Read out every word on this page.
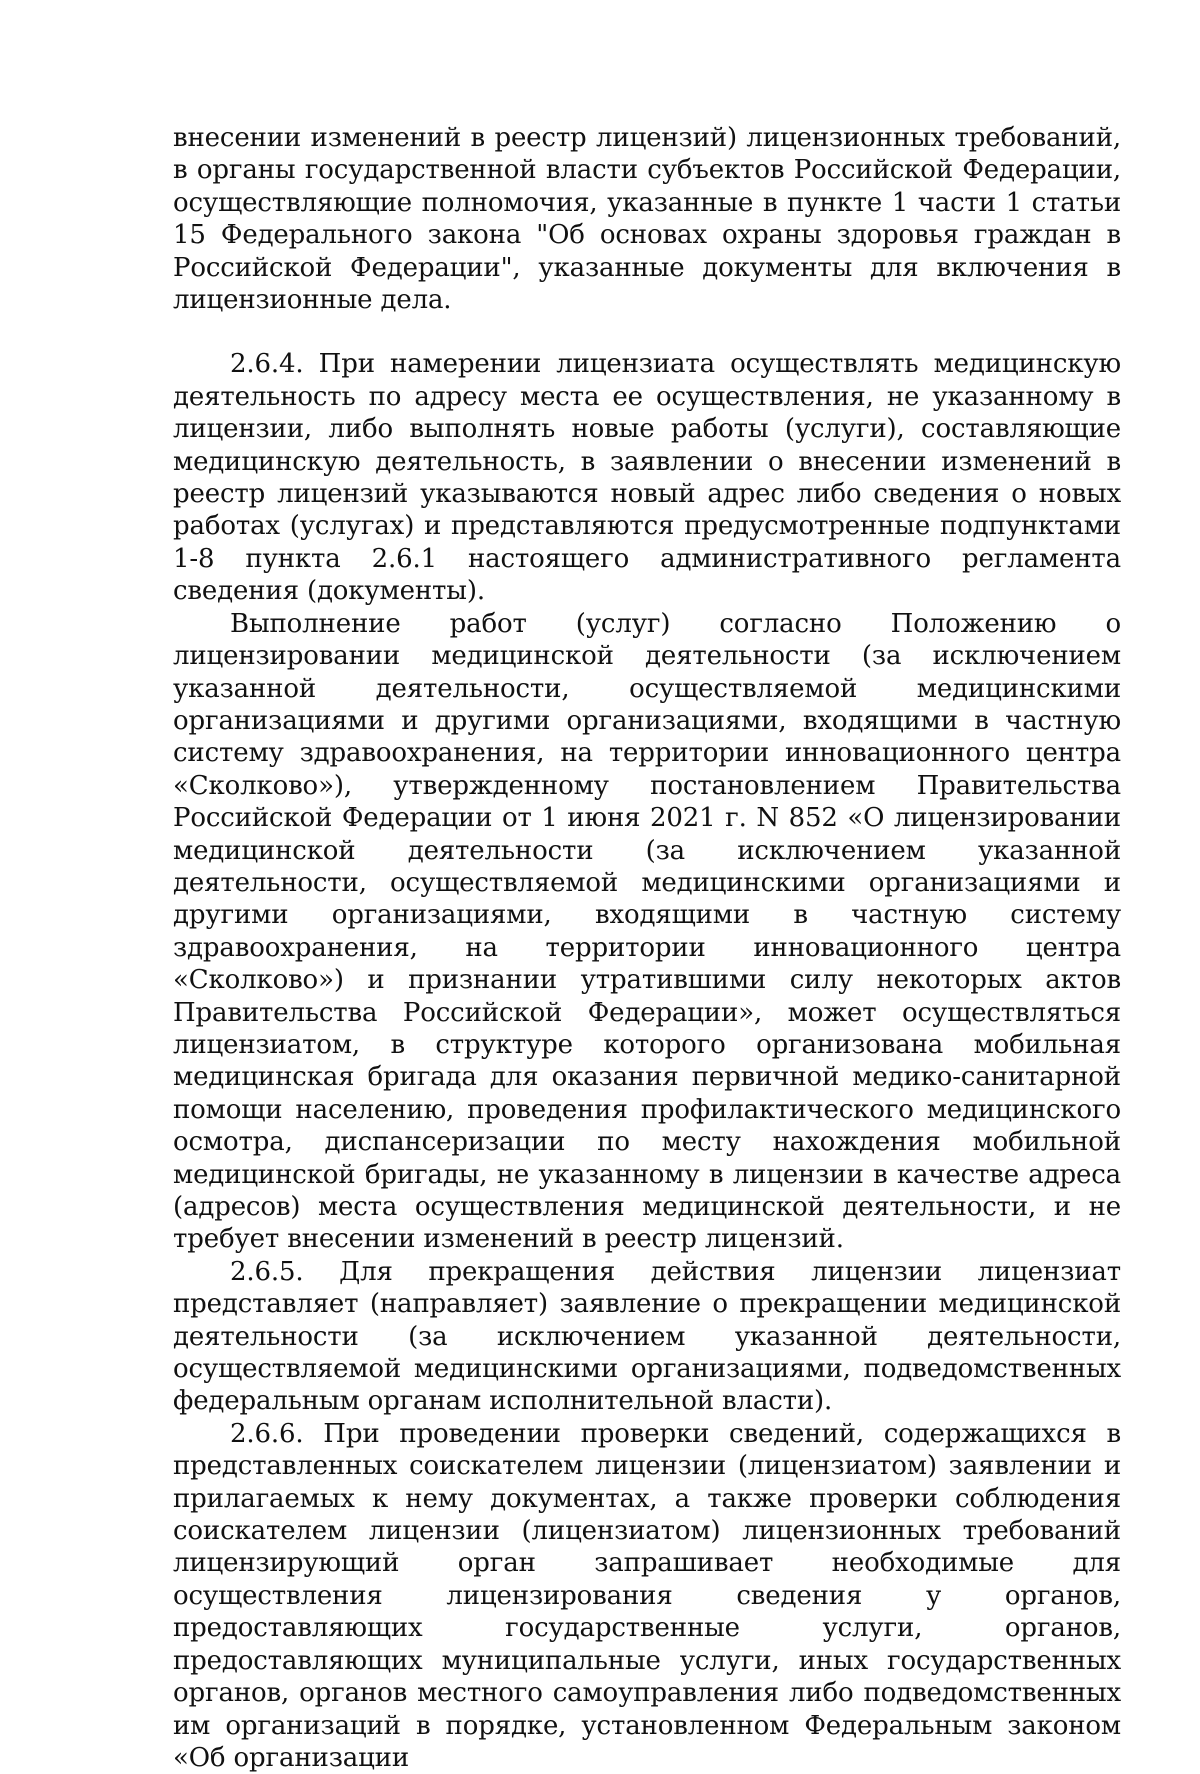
внесении изменений в реестр лицензий) лицензионных требований, в органы государственной власти субъектов Российской Федерации, осуществляющие полномочия, указанные в пункте 1 части 1 статьи 15 Федерального закона "Об основах охраны здоровья граждан в Российской Федерации", указанные документы для включения в лицензионные дела.

2.6.4. При намерении лицензиата осуществлять медицинскую деятельность по адресу места ее осуществления, не указанному в лицензии, либо выполнять новые работы (услуги), составляющие медицинскую деятельность, в заявлении о внесении изменений в реестр лицензий указываются новый адрес либо сведения о новых работах (услугах) и представляются предусмотренные подпунктами 1-8 пункта 2.6.1 настоящего административного регламента сведения (документы).

Выполнение работ (услуг) согласно Положению о лицензировании медицинской деятельности (за исключением указанной деятельности, осуществляемой медицинскими организациями и другими организациями, входящими в частную систему здравоохранения, на территории инновационного центра «Сколково»), утвержденному постановлением Правительства Российской Федерации от 1 июня 2021 г. N 852 «О лицензировании медицинской деятельности (за исключением указанной деятельности, осуществляемой медицинскими организациями и другими организациями, входящими в частную систему здравоохранения, на территории инновационного центра «Сколково») и признании утратившими силу некоторых актов Правительства Российской Федерации», может осуществляться лицензиатом, в структуре которого организована мобильная медицинская бригада для оказания первичной медико-санитарной помощи населению, проведения профилактического медицинского осмотра, диспансеризации по месту нахождения мобильной медицинской бригады, не указанному в лицензии в качестве адреса (адресов) места осуществления медицинской деятельности, и не требует внесении изменений в реестр лицензий.

2.6.5. Для прекращения действия лицензии лицензиат представляет (направляет) заявление о прекращении медицинской деятельности (за исключением указанной деятельности, осуществляемой медицинскими организациями, подведомственных федеральным органам исполнительной власти).

2.6.6. При проведении проверки сведений, содержащихся в представленных соискателем лицензии (лицензиатом) заявлении и прилагаемых к нему документах, а также проверки соблюдения соискателем лицензии (лицензиатом) лицензионных требований лицензирующий орган запрашивает необходимые для осуществления лицензирования сведения у органов, предоставляющих государственные услуги, органов, предоставляющих муниципальные услуги, иных государственных органов, органов местного самоуправления либо подведомственных им организаций в порядке, установленном Федеральным законом «Об организации
